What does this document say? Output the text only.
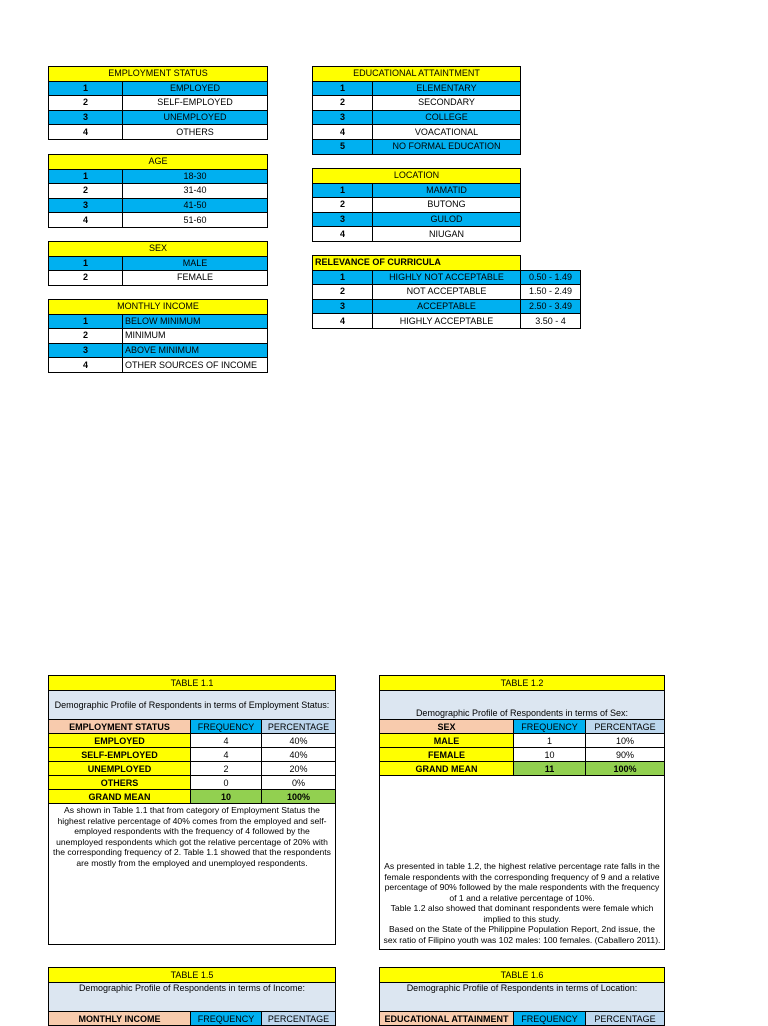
EMPLOYMENT STATUS	
1	EMPLOYED
2	SELF-EMPLOYED
3	UNEMPLOYED
4	OTHERS
AGE	
1	18-30
2	31-40
3	41-50
4	51-60
SEX	
1	MALE
2	FEMALE
MONTHLY INCOME	
1	BELOW MINIMUM
2	MINIMUM
3	ABOVE MINIMUM
4	OTHER SOURCES OF INCOME
EDUCATIONAL ATTAINTMENT	
1	ELEMENTARY
2	SECONDARY
3	COLLEGE
4	VOACATIONAL
5	NO FORMAL EDUCATION
LOCATION	
1	MAMATID
2	BUTONG
3	GULOD
4	NIUGAN
RELEVANCE OF CURRICULA		
1	HIGHLY NOT ACCEPTABLE	0.50 - 1.49
2	NOT ACCEPTABLE	1.50 - 2.49
3	ACCEPTABLE	2.50 - 3.49
4	HIGHLY ACCEPTABLE	3.50 - 4
TABLE 1.1		
Demographic Profile of Respondents in terms of Employment Status:		
EMPLOYMENT STATUS	FREQUENCY	PERCENTAGE
EMPLOYED	4	40%
SELF-EMPLOYED	4	40%
UNEMPLOYED	2	20%
OTHERS	0	0%
GRAND MEAN	10	100%
As shown in Table 1.1 that from category of Employment Status the highest relative percentage of 40% comes from the employed and self-employed respondents with the frequency of 4 followed by the unemployed respondents which got the relative percentage of 20% with the corresponding frequency of 2. Table 1.1 showed that the respondents are mostly from the employed and unemployed respondents.		
TABLE 1.2		
Demographic Profile of Respondents in terms of Sex:		
SEX	FREQUENCY	PERCENTAGE
MALE	1	10%
FEMALE	10	90%
GRAND MEAN	11	100%

As presented in table 1.2, the highest relative percentage rate falls in the female respondents with the corresponding frequency of 9 and a relative percentage of 90% followed by the male respondents with the frequency of 1 and a relative percentage of 10%.
Table 1.2 also showed that dominant respondents were female which implied to this study.
Based on the State of the Philippine Population Report, 2nd issue, the sex ratio of Filipino youth was 102 males: 100 females. (Caballero 2011).		
TABLE 1.5
Demographic Profile of Respondents in terms of Income:
MONTHLY INCOME	FREQUENCY	PERCENTAGE
TABLE 1.6
Demographic Profile of Respondents in terms of Location:
EDUCATIONAL ATTAINMENT	FREQUENCY	PERCENTAGE
